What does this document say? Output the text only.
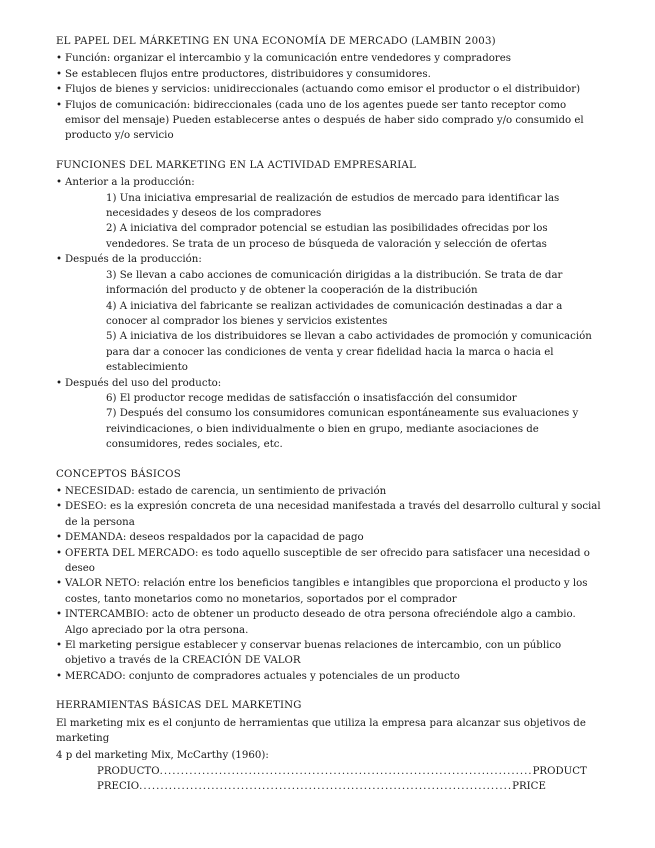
EL PAPEL DEL MÁRKETING EN UNA ECONOMÍA DE MERCADO (LAMBIN 2003)

• Función: organizar el intercambio y la comunicación entre vendedores y compradores
• Se establecen flujos entre productores, distribuidores y consumidores.
• Flujos de bienes y servicios: unidireccionales (actuando como emisor el productor o el distribuidor)
• Flujos de comunicación: bidireccionales (cada uno de los agentes puede ser tanto receptor como emisor del mensaje) Pueden establecerse antes o después de haber sido comprado y/o consumido el producto y/o servicio

FUNCIONES DEL MARKETING EN LA ACTIVIDAD EMPRESARIAL

• Anterior a la producción:
1) Una iniciativa empresarial de realización de estudios de mercado para identificar las necesidades y deseos de los compradores
2) A iniciativa del comprador potencial se estudian las posibilidades ofrecidas por los vendedores. Se trata de un proceso de búsqueda de valoración y selección de ofertas
• Después de la producción:
3) Se llevan a cabo acciones de comunicación dirigidas a la distribución. Se trata de dar información del producto y de obtener la cooperación de la distribución
4) A iniciativa del fabricante se realizan actividades de comunicación destinadas a dar a conocer al comprador los bienes y servicios existentes
5) A iniciativa de los distribuidores se llevan a cabo actividades de promoción y comunicación para dar a conocer las condiciones de venta y crear fidelidad hacia la marca o hacia el establecimiento
• Después del uso del producto:
6) El productor recoge medidas de satisfacción o insatisfacción del consumidor
7) Después del consumo los consumidores comunican espontáneamente sus evaluaciones y reivindicaciones, o bien individualmente o bien en grupo, mediante asociaciones de consumidores, redes sociales, etc.

CONCEPTOS BÁSICOS

• NECESIDAD: estado de carencia, un sentimiento de privación
• DESEO: es la expresión concreta de una necesidad manifestada a través del desarrollo cultural y social de la persona
• DEMANDA: deseos respaldados por la capacidad de pago
• OFERTA DEL MERCADO: es todo aquello susceptible de ser ofrecido para satisfacer una necesidad o deseo
• VALOR NETO: relación entre los beneficios tangibles e intangibles que proporciona el producto y los costes, tanto monetarios como no monetarios, soportados por el comprador
• INTERCAMBIO: acto de obtener un producto deseado de otra persona ofreciéndole algo a cambio. Algo apreciado por la otra persona.
• El marketing persigue establecer y conservar buenas relaciones de intercambio, con un público objetivo a través de la CREACIÓN DE VALOR
• MERCADO: conjunto de compradores actuales y potenciales de un producto

HERRAMIENTAS BÁSICAS DEL MARKETING

El marketing mix es el conjunto de herramientas que utiliza la empresa para alcanzar sus objetivos de marketing

4 p del marketing Mix, McCarthy (1960):

PRODUCTO ........................................................................................ PRODUCT
PRECIO ........................................................................................ PRICE
